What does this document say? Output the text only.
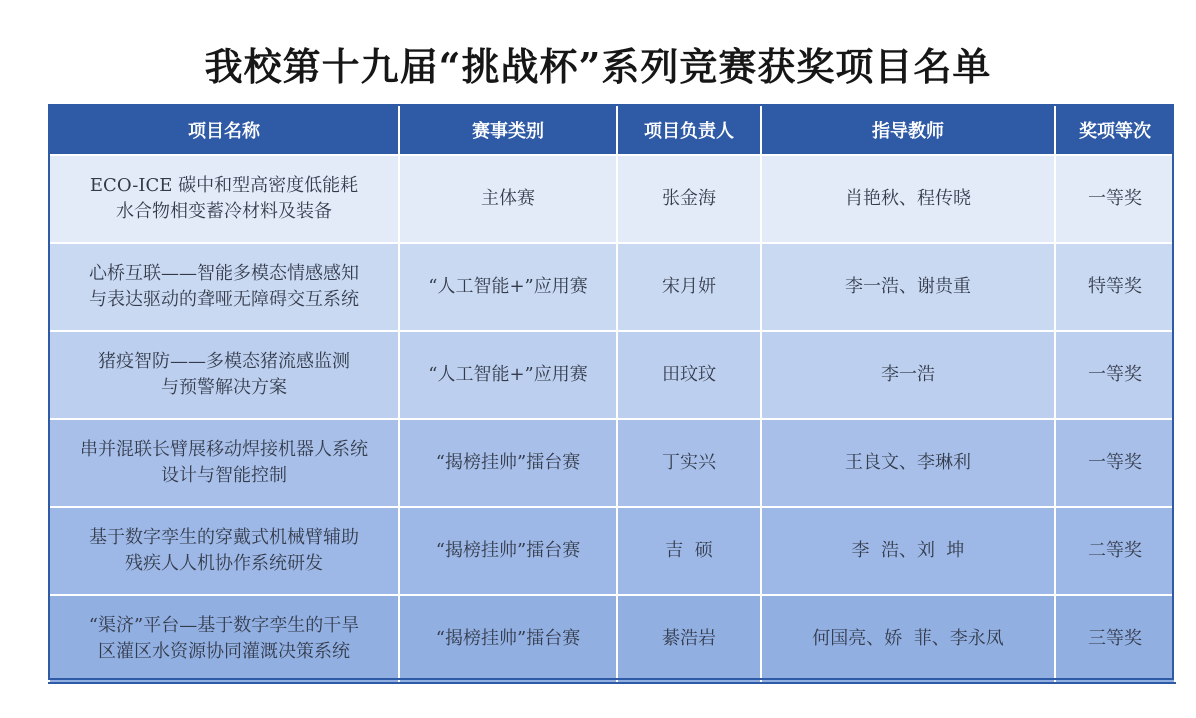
我校第十九届“挑战杯”系列竞赛获奖项目名单
项目名称	赛事类别	项目负责人	指导教师	奖项等次

ECO-ICE 碳中和型高密度低能耗
水合物相变蓄冷材料及装备	主体赛	张金海	肖艳秋、程传晓	一等奖

心桥互联——智能多模态情感感知
与表达驱动的聋哑无障碍交互系统	“人工智能+”应用赛	宋月妍	李一浩、谢贵重	特等奖

猪疫智防——多模态猪流感监测
与预警解决方案	“人工智能+”应用赛	田玟玟	李一浩	一等奖

串并混联长臂展移动焊接机器人系统
设计与智能控制	“揭榜挂帅”擂台赛	丁实兴	王良文、李琳利	一等奖

基于数字孪生的穿戴式机械臂辅助
残疾人人机协作系统研发	“揭榜挂帅”擂台赛	吉  硕	李  浩、刘  坤	二等奖

“渠济”平台—基于数字孪生的干旱
区灌区水资源协同灌溉决策系统	“揭榜挂帅”擂台赛	綦浩岩	何国亮、娇  菲、李永凤	三等奖
